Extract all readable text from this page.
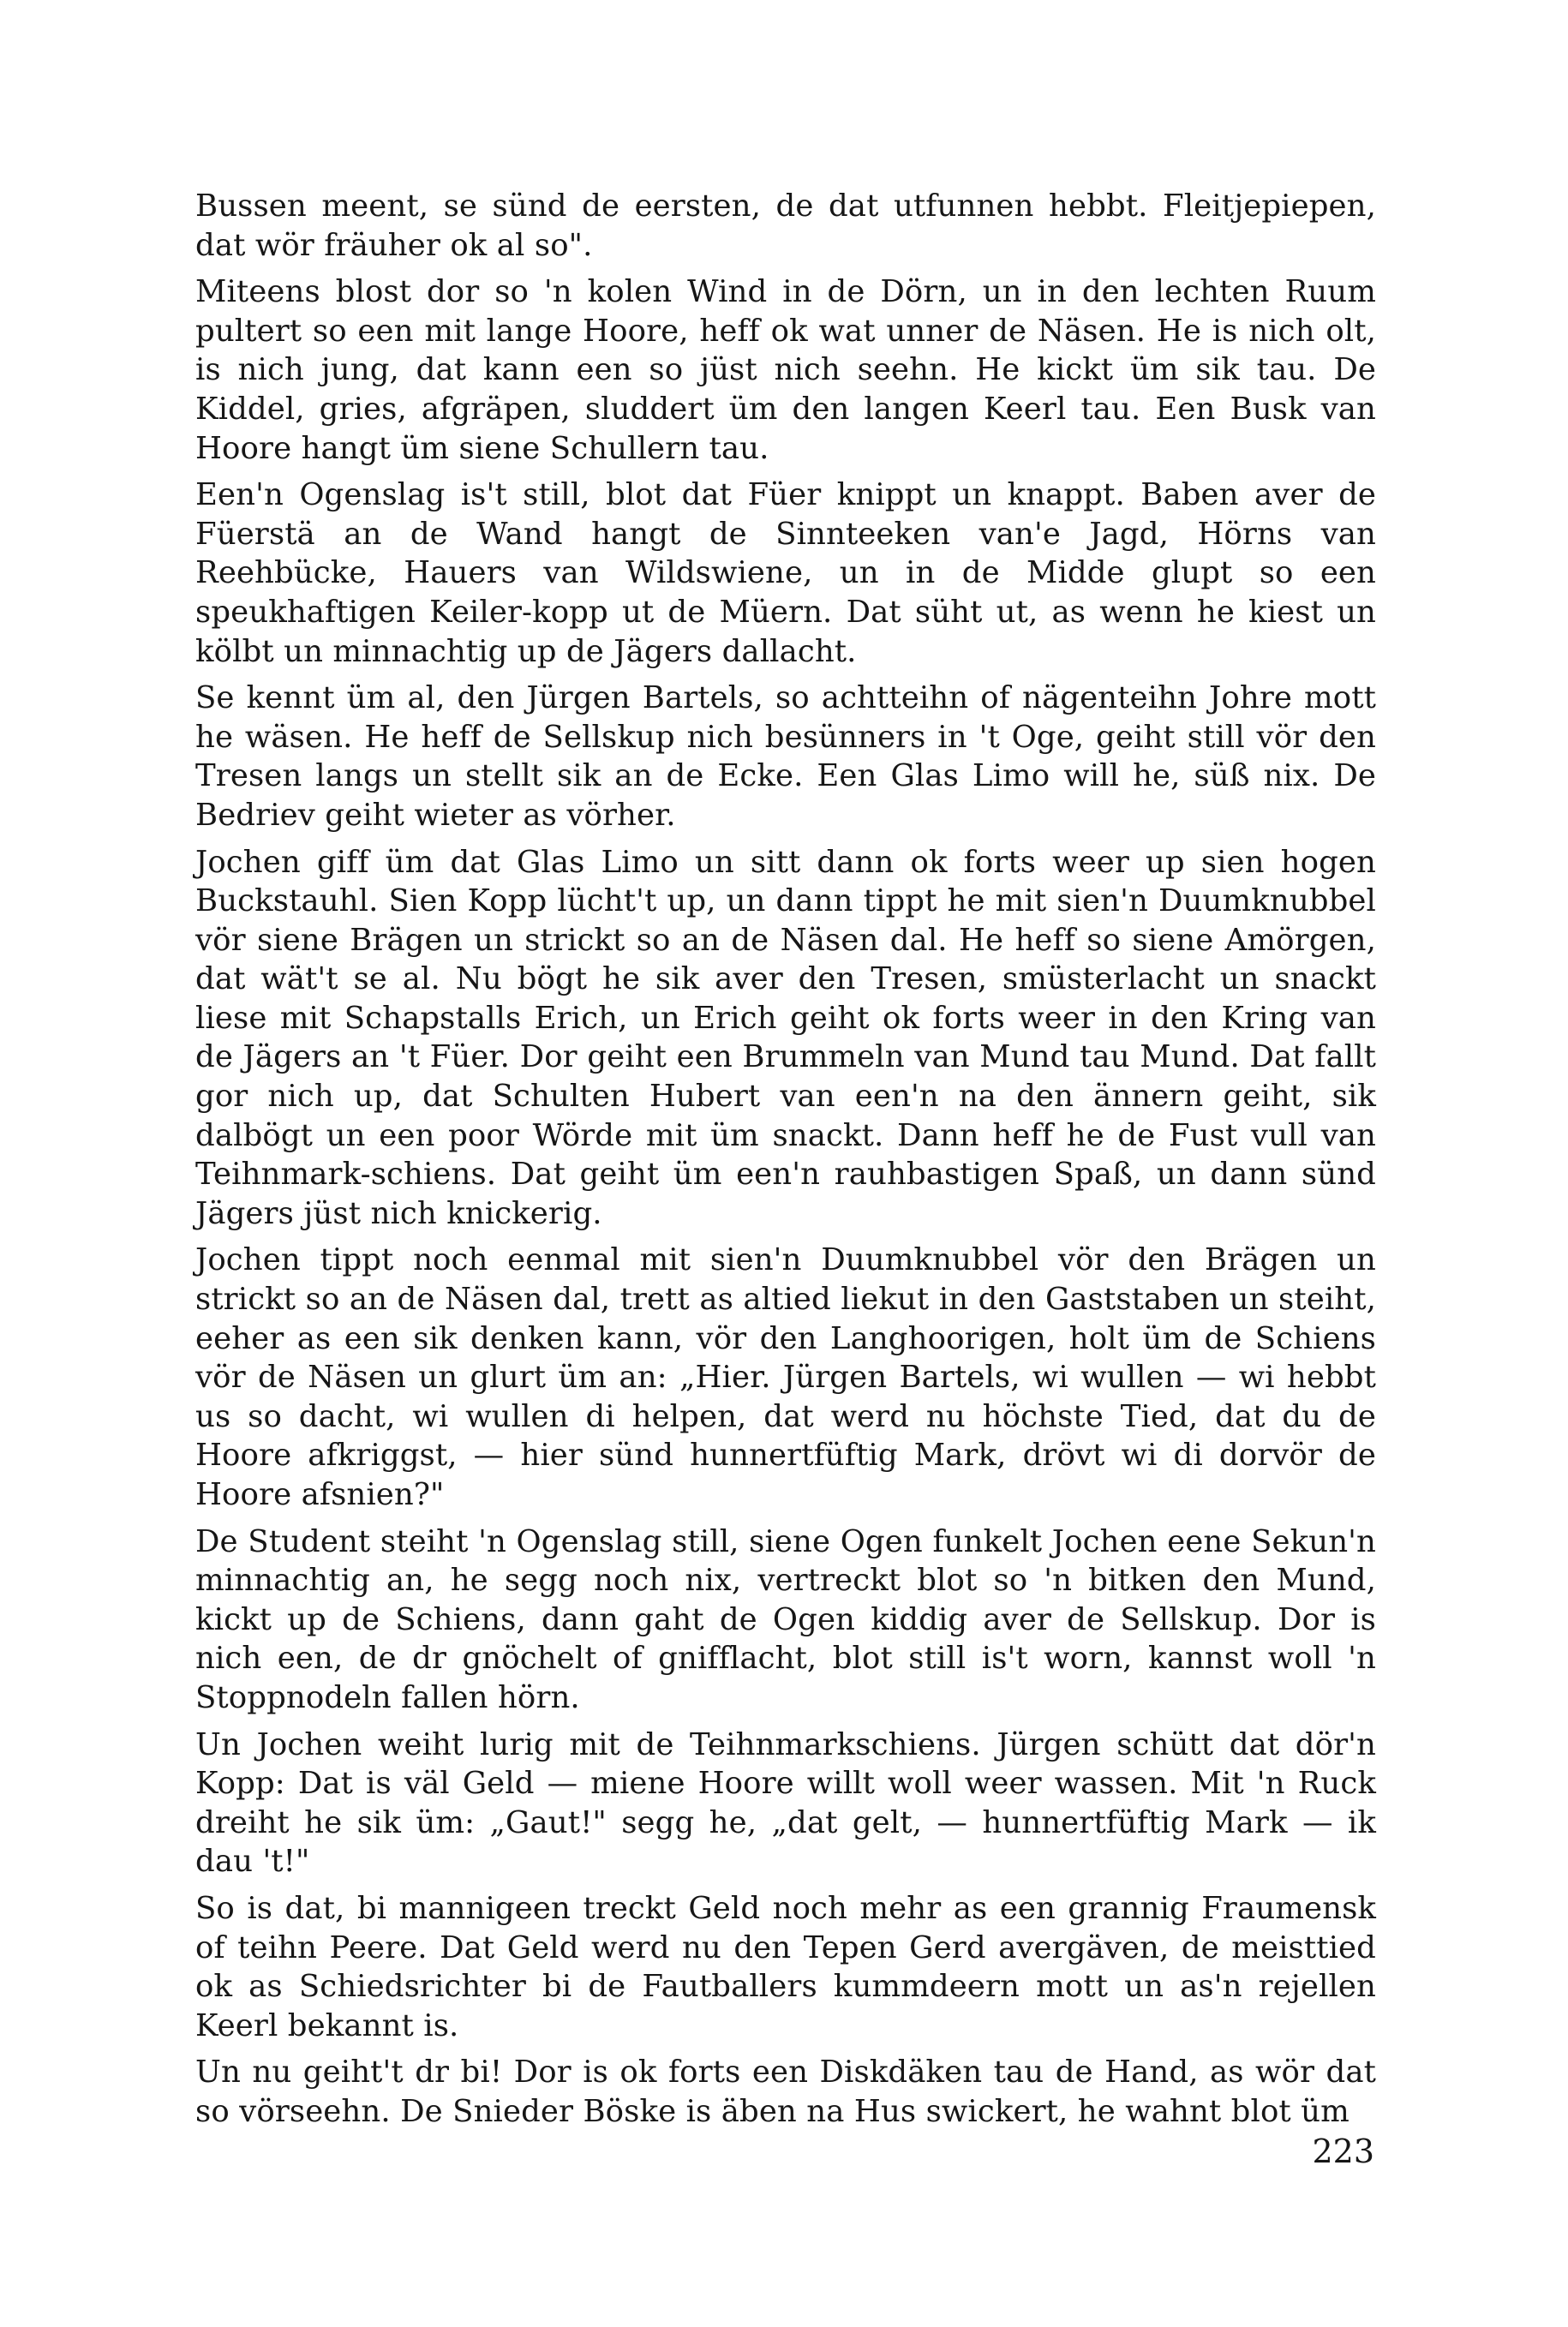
Bussen meent, se sünd de eersten, de dat utfunnen hebbt. Fleitjepiepen, dat wör fräuher ok al so".

Miteens blost dor so 'n kolen Wind in de Dörn, un in den lechten Ruum pultert so een mit lange Hoore, heff ok wat unner de Näsen. He is nich olt, is nich jung, dat kann een so jüst nich seehn. He kickt üm sik tau. De Kiddel, gries, afgräpen, sluddert üm den langen Keerl tau. Een Busk van Hoore hangt üm siene Schullern tau.

Een'n Ogenslag is't still, blot dat Füer knippt un knappt. Baben aver de Füerstä an de Wand hangt de Sinnteeken van'e Jagd, Hörns van Reehbücke, Hauers van Wildswiene, un in de Midde glupt so een speukhaftigen Keiler-kopp ut de Müern. Dat süht ut, as wenn he kiest un kölbt un minnachtig up de Jägers dallacht.

Se kennt üm al, den Jürgen Bartels, so achtteihn of nägenteihn Johre mott he wäsen. He heff de Sellskup nich besünners in 't Oge, geiht still vör den Tresen langs un stellt sik an de Ecke. Een Glas Limo will he, süß nix. De Bedriev geiht wieter as vörher.

Jochen giff üm dat Glas Limo un sitt dann ok forts weer up sien hogen Buckstauhl. Sien Kopp lücht't up, un dann tippt he mit sien'n Duumknubbel vör siene Brägen un strickt so an de Näsen dal. He heff so siene Amörgen, dat wät't se al. Nu bögt he sik aver den Tresen, smüsterlacht un snackt liese mit Schapstalls Erich, un Erich geiht ok forts weer in den Kring van de Jägers an 't Füer. Dor geiht een Brummeln van Mund tau Mund. Dat fallt gor nich up, dat Schulten Hubert van een'n na den ännern geiht, sik dalbögt un een poor Wörde mit üm snackt. Dann heff he de Fust vull van Teihnmark-schiens. Dat geiht üm een'n rauhbastigen Spaß, un dann sünd Jägers jüst nich knickerig.

Jochen tippt noch eenmal mit sien'n Duumknubbel vör den Brägen un strickt so an de Näsen dal, trett as altied liekut in den Gaststaben un steiht, eeher as een sik denken kann, vör den Langhoorigen, holt üm de Schiens vör de Näsen un glurt üm an: „Hier. Jürgen Bartels, wi wullen — wi hebbt us so dacht, wi wullen di helpen, dat werd nu höchste Tied, dat du de Hoore afkriggst, — hier sünd hunnertfüftig Mark, drövt wi di dorvör de Hoore afsnien?"

De Student steiht 'n Ogenslag still, siene Ogen funkelt Jochen eene Sekun'n minnachtig an, he segg noch nix, vertreckt blot so 'n bitken den Mund, kickt up de Schiens, dann gaht de Ogen kiddig aver de Sellskup. Dor is nich een, de dr gnöchelt of gnifflacht, blot still is't worn, kannst woll 'n Stoppnodeln fallen hörn.

Un Jochen weiht lurig mit de Teihnmarkschiens. Jürgen schütt dat dör'n Kopp: Dat is väl Geld — miene Hoore willt woll weer wassen. Mit 'n Ruck dreiht he sik üm: „Gaut!" segg he, „dat gelt, — hunnertfüftig Mark — ik dau 't!"

So is dat, bi mannigeen treckt Geld noch mehr as een grannig Fraumensk of teihn Peere. Dat Geld werd nu den Tepen Gerd avergäven, de meisttied ok as Schiedsrichter bi de Fautballers kummdeern mott un as'n rejellen Keerl bekannt is.

Un nu geiht't dr bi! Dor is ok forts een Diskdäken tau de Hand, as wör dat so vörseehn. De Snieder Böske is äben na Hus swickert, he wahnt blot üm

223
